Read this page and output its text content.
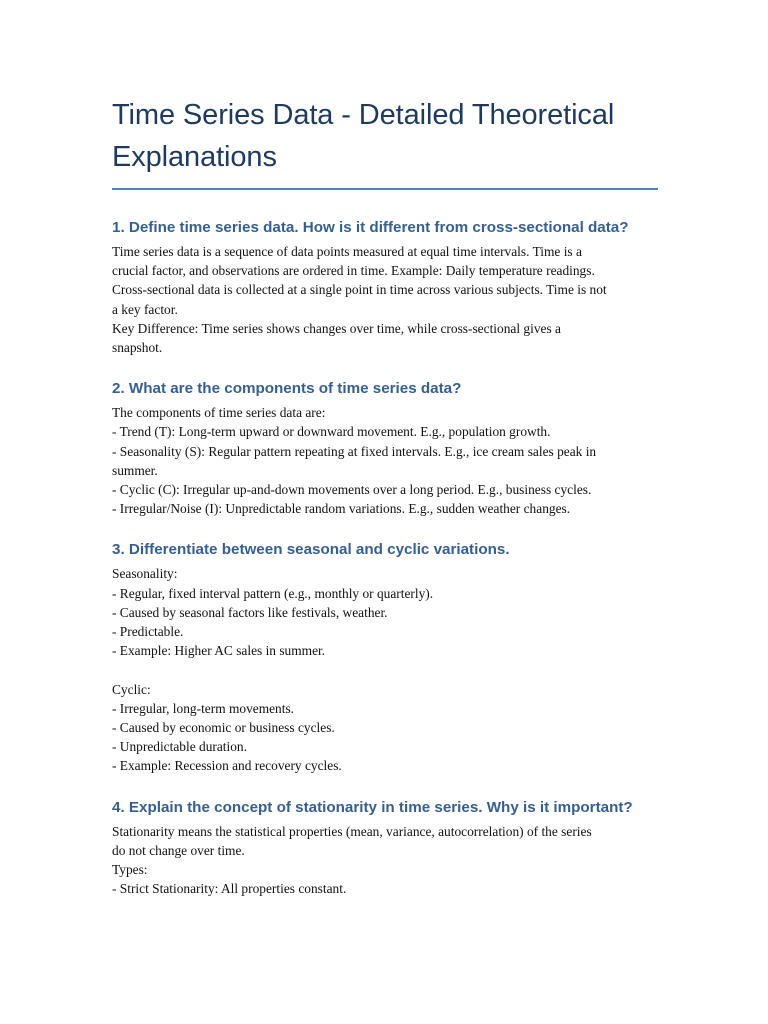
Time Series Data - Detailed Theoretical
Explanations
1. Define time series data. How is it different from cross-sectional data?
Time series data is a sequence of data points measured at equal time intervals. Time is a
crucial factor, and observations are ordered in time. Example: Daily temperature readings.
Cross-sectional data is collected at a single point in time across various subjects. Time is not
a key factor.
Key Difference: Time series shows changes over time, while cross-sectional gives a
snapshot.
2. What are the components of time series data?
The components of time series data are:
- Trend (T): Long-term upward or downward movement. E.g., population growth.
- Seasonality (S): Regular pattern repeating at fixed intervals. E.g., ice cream sales peak in
summer.
- Cyclic (C): Irregular up-and-down movements over a long period. E.g., business cycles.
- Irregular/Noise (I): Unpredictable random variations. E.g., sudden weather changes.
3. Differentiate between seasonal and cyclic variations.
Seasonality:
- Regular, fixed interval pattern (e.g., monthly or quarterly).
- Caused by seasonal factors like festivals, weather.
- Predictable.
- Example: Higher AC sales in summer.
Cyclic:
- Irregular, long-term movements.
- Caused by economic or business cycles.
- Unpredictable duration.
- Example: Recession and recovery cycles.
4. Explain the concept of stationarity in time series. Why is it important?
Stationarity means the statistical properties (mean, variance, autocorrelation) of the series
do not change over time.
Types:
- Strict Stationarity: All properties constant.
